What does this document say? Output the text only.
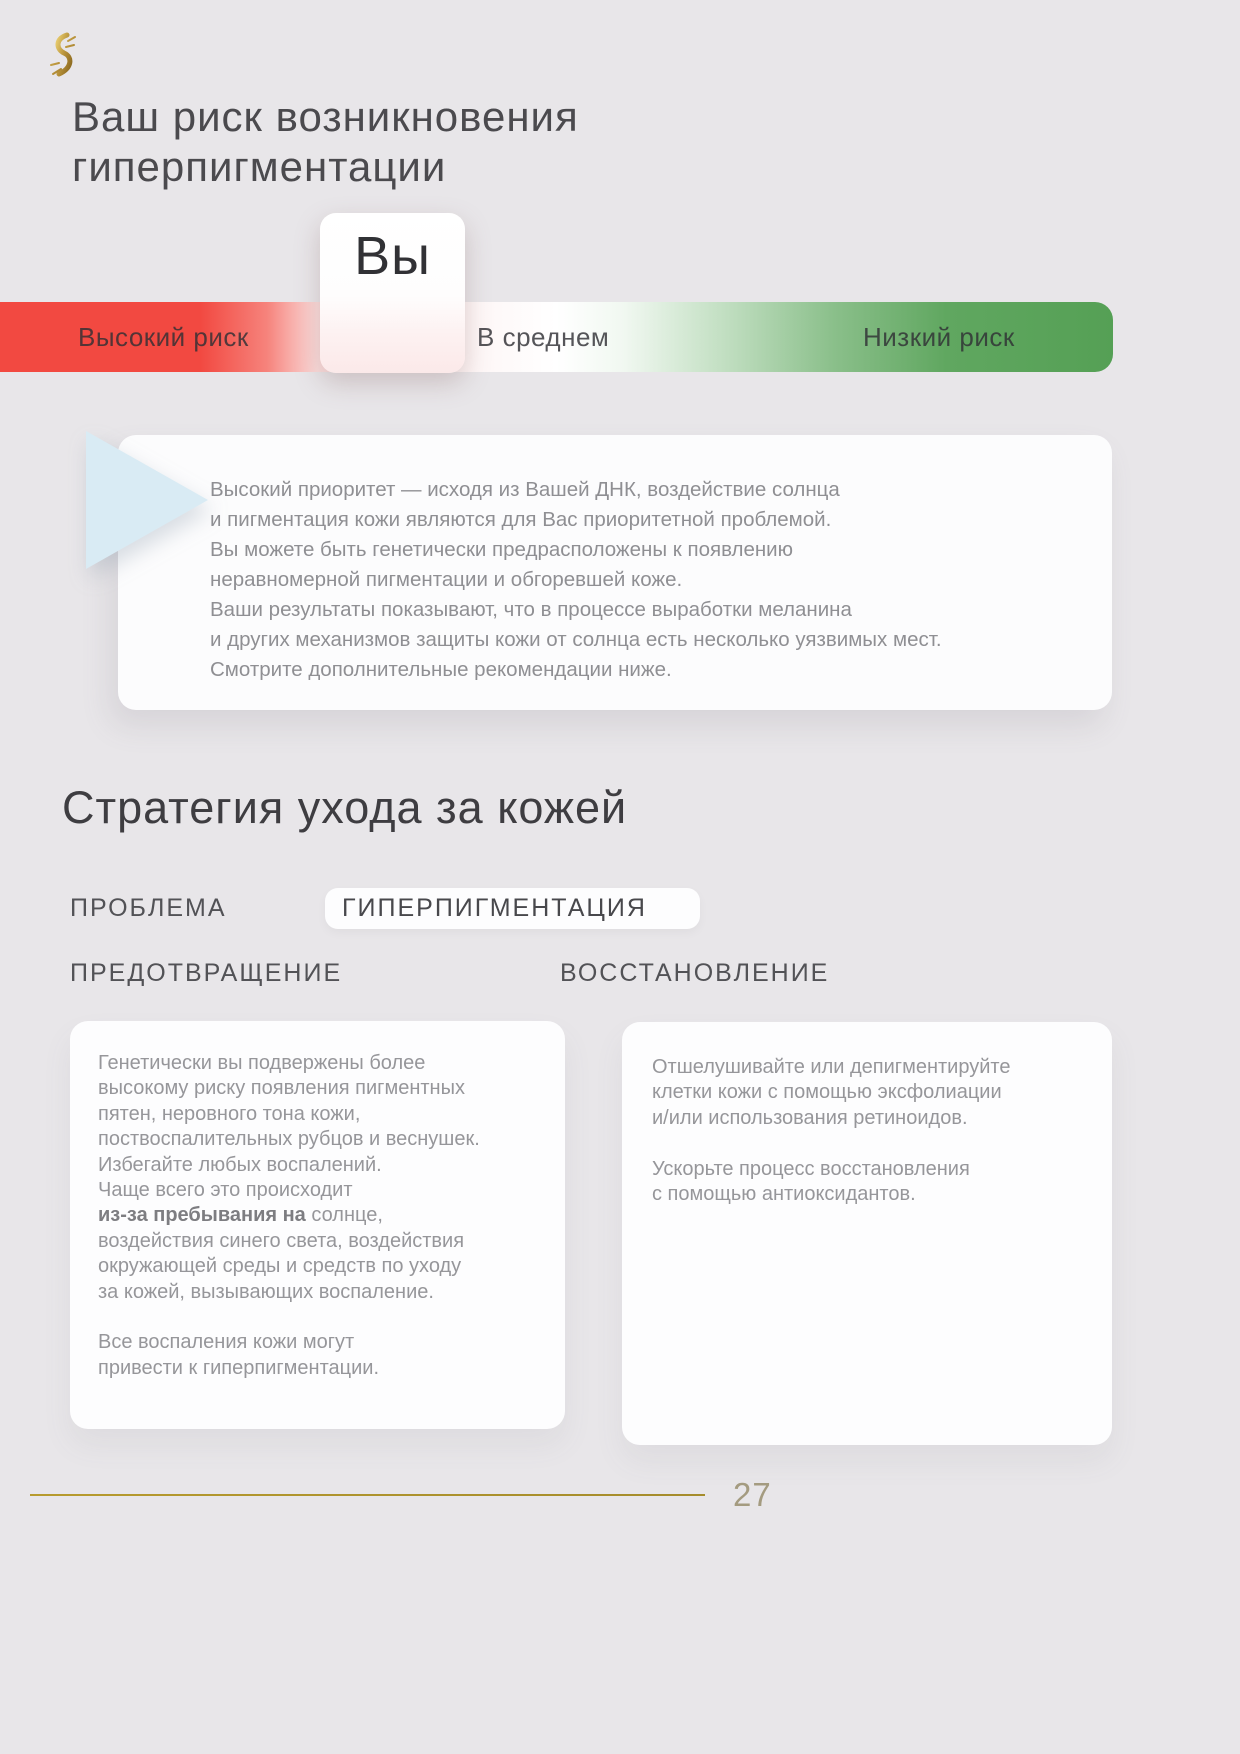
Ваш риск возникновения
гиперпигментации
Высокий риск	В среднем	Низкий риск
Вы
Высокий приоритет — исходя из Вашей ДНК, воздействие солнца
и пигментация кожи являются для Вас приоритетной проблемой.
Вы можете быть генетически предрасположены к появлению
неравномерной пигментации и обгоревшей коже.
Ваши результаты показывают, что в процессе выработки меланина
и других механизмов защиты кожи от солнца есть несколько уязвимых мест.
Смотрите дополнительные рекомендации ниже.
Стратегия ухода за кожей
ПРОБЛЕМА	ГИПЕРПИГМЕНТАЦИЯ
ПРЕДОТВРАЩЕНИЕ	ВОССТАНОВЛЕНИЕ
Генетически вы подвержены более
высокому риску появления пигментных
пятен, неровного тона кожи,
поствоспалительных рубцов и веснушек.
Избегайте любых воспалений.
Чаще всего это происходит
из-за пребывания на солнце,
воздействия синего света, воздействия
окружающей среды и средств по уходу
за кожей, вызывающих воспаление.
Все воспаления кожи могут
привести к гиперпигментации.
Отшелушивайте или депигментируйте
клетки кожи с помощью эксфолиации
и/или использования ретиноидов.
Ускорьте процесс восстановления
с помощью антиоксидантов.
27
